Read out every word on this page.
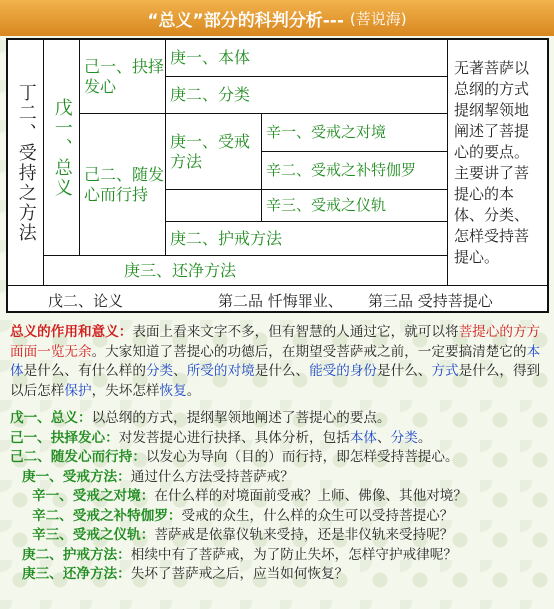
“总义”部分的科判分析--- (菩说海)
丁二、受持之方法 戊一、总义
己一、抉择发心
己二、随发心而行持
庚一、本体
庚二、分类
庚一、受戒方法
辛一、受戒之对境
辛二、受戒之补特伽罗
辛三、受戒之仪轨
庚二、护戒方法
庚三、还净方法
无著菩萨以总纲的方式提纲挈领地阐述了菩提心的要点。主要讲了菩提心的本体、分类、怎样受持菩提心。
戊二、论义	第二品 忏悔罪业、	第三品 受持菩提心

总义的作用和意义：表面上看来文字不多，但有智慧的人通过它，就可以将菩提心的方方面面一览无余。大家知道了菩提心的功德后，在期望受菩萨戒之前，一定要搞清楚它的本体是什么、有什么样的分类、所受的对境是什么、能受的身份是什么、方式是什么，得到以后怎样保护，失坏怎样恢复。

戊一、总义：以总纲的方式，提纲挈领地阐述了菩提心的要点。

己一、抉择发心：对发菩提心进行抉择、具体分析，包括本体、分类。

己二、随发心而行持：以发心为导向（目的）而行持，即怎样受持菩提心。

庚一、受戒方法：通过什么方法受持菩萨戒？

辛一、受戒之对境：在什么样的对境面前受戒？上师、佛像、其他对境？

辛二、受戒之补特伽罗：受戒的众生，什么样的众生可以受持菩提心？

辛三、受戒之仪轨：菩萨戒是依靠仪轨来受持，还是非仪轨来受持呢？

庚二、护戒方法：相续中有了菩萨戒，为了防止失坏，怎样守护戒律呢？

庚三、还净方法：失坏了菩萨戒之后，应当如何恢复？
